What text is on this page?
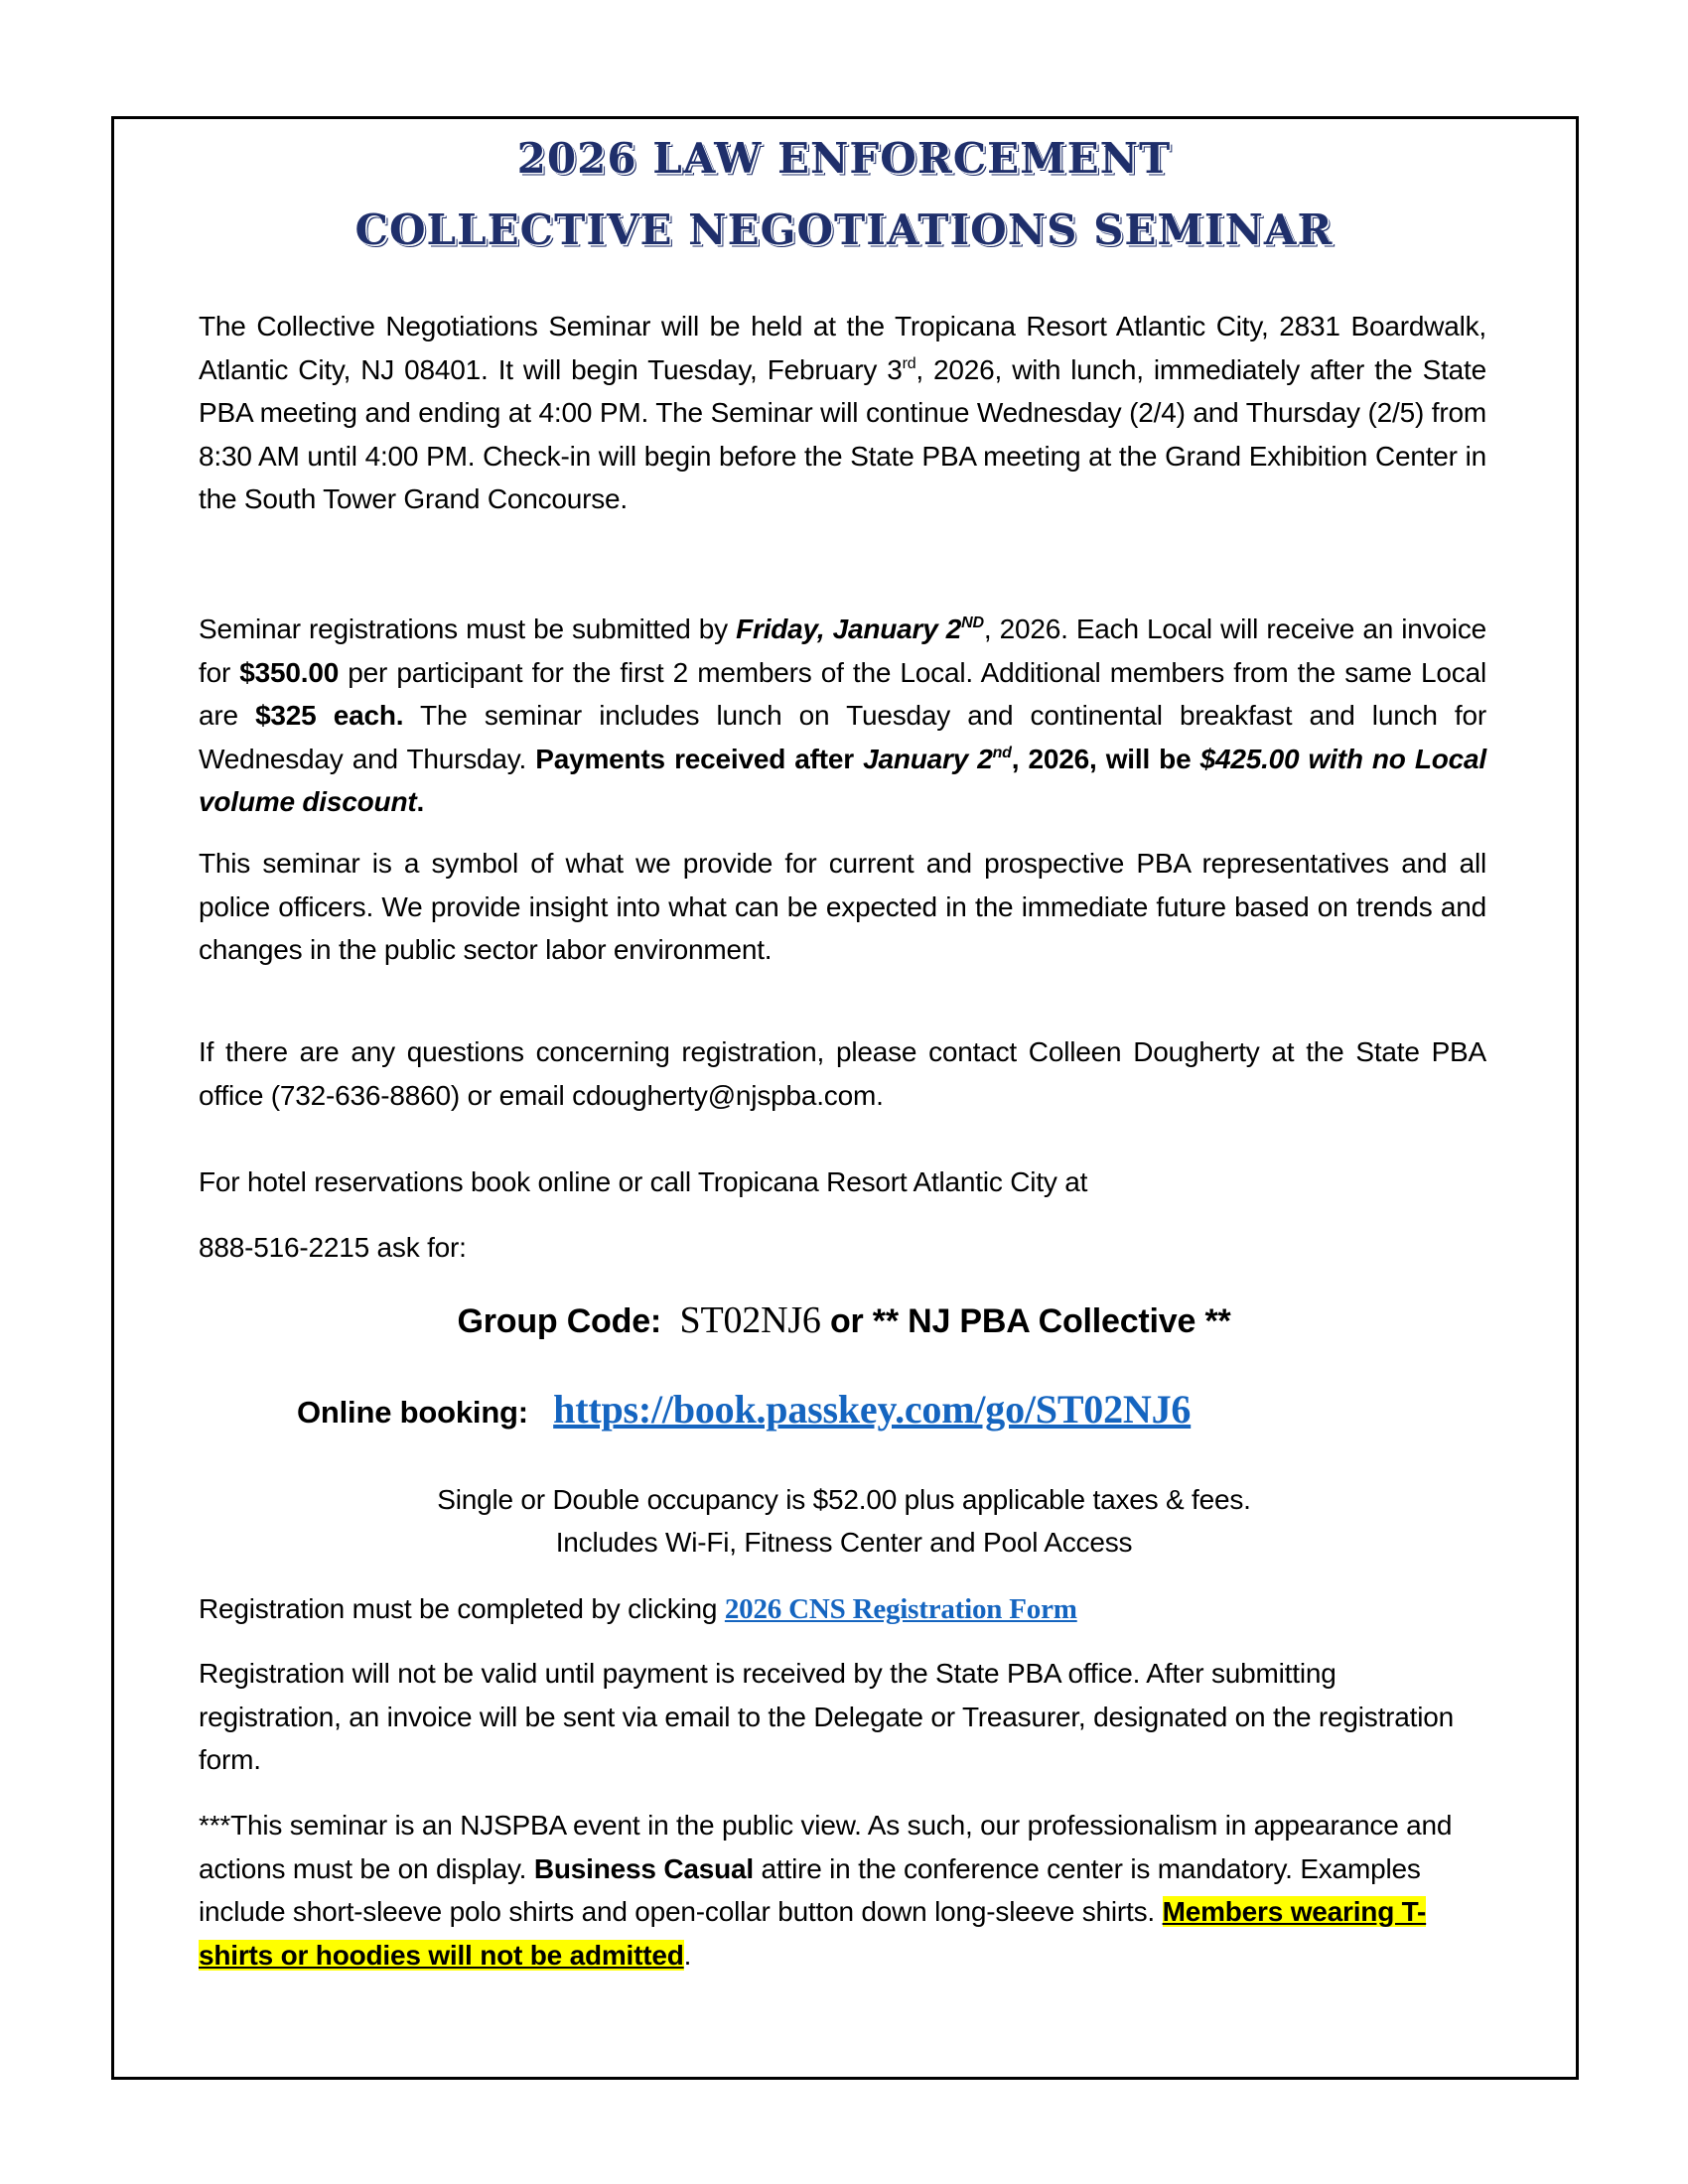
2026 LAW ENFORCEMENT
COLLECTIVE NEGOTIATIONS SEMINAR
The Collective Negotiations Seminar will be held at the Tropicana Resort Atlantic City, 2831 Boardwalk, Atlantic City, NJ 08401. It will begin Tuesday, February 3rd, 2026, with lunch, immediately after the State PBA meeting and ending at 4:00 PM. The Seminar will continue Wednesday (2/4) and Thursday (2/5) from 8:30 AM until 4:00 PM. Check-in will begin before the State PBA meeting at the Grand Exhibition Center in the South Tower Grand Concourse.
Seminar registrations must be submitted by Friday, January 2ND, 2026. Each Local will receive an invoice for $350.00 per participant for the first 2 members of the Local. Additional members from the same Local are $325 each. The seminar includes lunch on Tuesday and continental breakfast and lunch for Wednesday and Thursday. Payments received after January 2nd, 2026, will be $425.00 with no Local volume discount.
This seminar is a symbol of what we provide for current and prospective PBA representatives and all police officers. We provide insight into what can be expected in the immediate future based on trends and changes in the public sector labor environment.
If there are any questions concerning registration, please contact Colleen Dougherty at the State PBA office (732-636-8860) or email cdougherty@njspba.com.
For hotel reservations book online or call Tropicana Resort Atlantic City at
888-516-2215 ask for:
Group Code: ST02NJ6 or ** NJ PBA Collective **
Online booking: https://book.passkey.com/go/ST02NJ6
Single or Double occupancy is $52.00 plus applicable taxes & fees.
Includes Wi-Fi, Fitness Center and Pool Access
Registration must be completed by clicking 2026 CNS Registration Form
Registration will not be valid until payment is received by the State PBA office. After submitting registration, an invoice will be sent via email to the Delegate or Treasurer, designated on the registration form.
***This seminar is an NJSPBA event in the public view. As such, our professionalism in appearance and actions must be on display. Business Casual attire in the conference center is mandatory. Examples include short-sleeve polo shirts and open-collar button down long-sleeve shirts. Members wearing T-shirts or hoodies will not be admitted.
